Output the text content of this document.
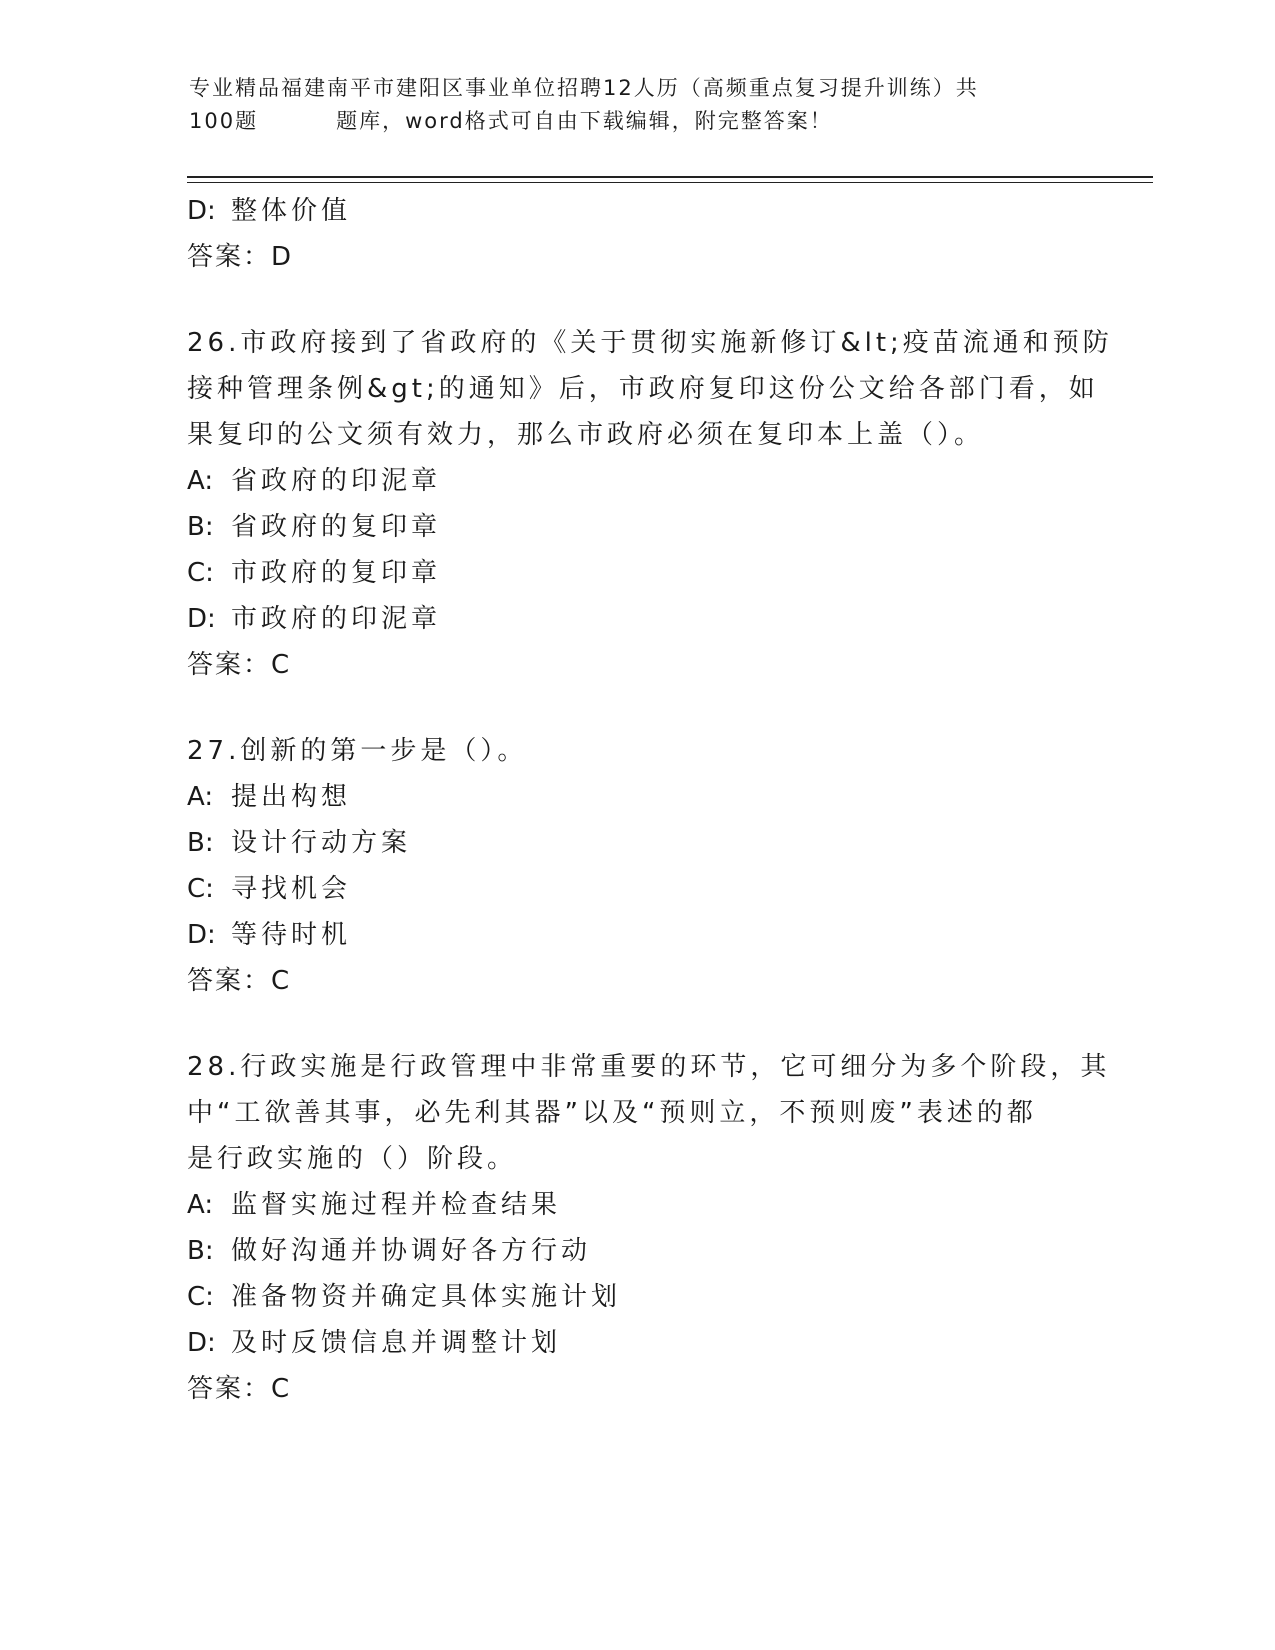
专业精品福建南平市建阳区事业单位招聘12人历（高频重点复习提升训练）共
100题	题库，word格式可自由下载编辑，附完整答案！
D: 整体价值
答案：D
26.市政府接到了省政府的《关于贯彻实施新修订&lt;疫苗流通和预防
接种管理条例&gt;的通知》后，市政府复印这份公文给各部门看，如
果复印的公文须有效力，那么市政府必须在复印本上盖（）。
A: 省政府的印泥章
B: 省政府的复印章
C: 市政府的复印章
D: 市政府的印泥章
答案：C
27.创新的第一步是（）。
A: 提出构想
B: 设计行动方案
C: 寻找机会
D: 等待时机
答案：C
28.行政实施是行政管理中非常重要的环节，它可细分为多个阶段，其
中“工欲善其事，必先利其器”以及“预则立，不预则废”表述的都
是行政实施的（）阶段。
A: 监督实施过程并检查结果
B: 做好沟通并协调好各方行动
C: 准备物资并确定具体实施计划
D: 及时反馈信息并调整计划
答案：C
